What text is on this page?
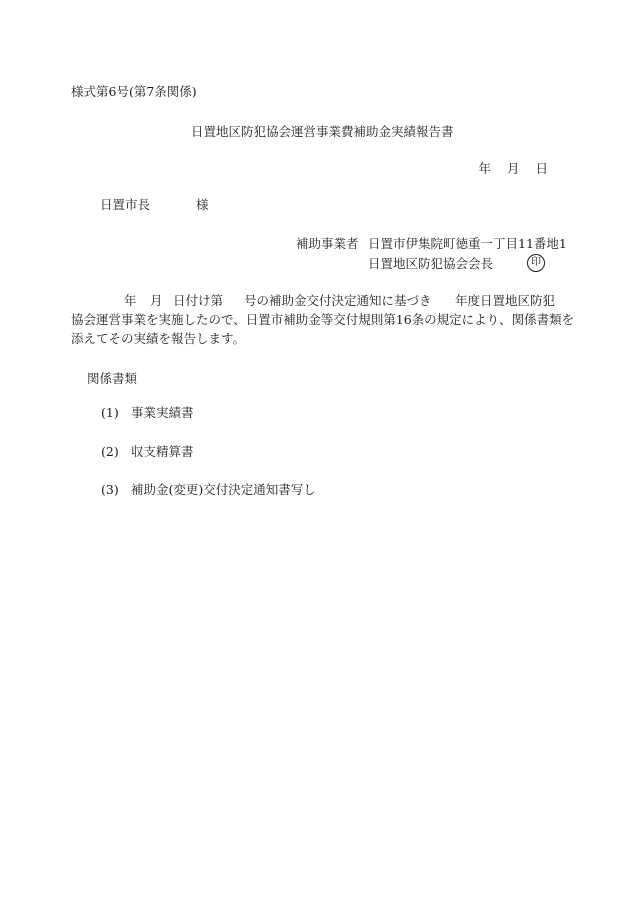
様式第6号(第7条関係)
日置地区防犯協会運営事業費補助金実績報告書
年 月 日
日置市長	様
補助事業者 日置市伊集院町徳重一丁目11番地1
日置地区防犯協会会長	印
年 月 日付け第 号の補助金交付決定通知に基づき 年度日置地区防犯
協会運営事業を実施したので、日置市補助金等交付規則第16条の規定により、関係書類を
添えてその実績を報告します。
関係書類
(1) 事業実績書
(2) 収支精算書
(3) 補助金(変更)交付決定通知書写し
